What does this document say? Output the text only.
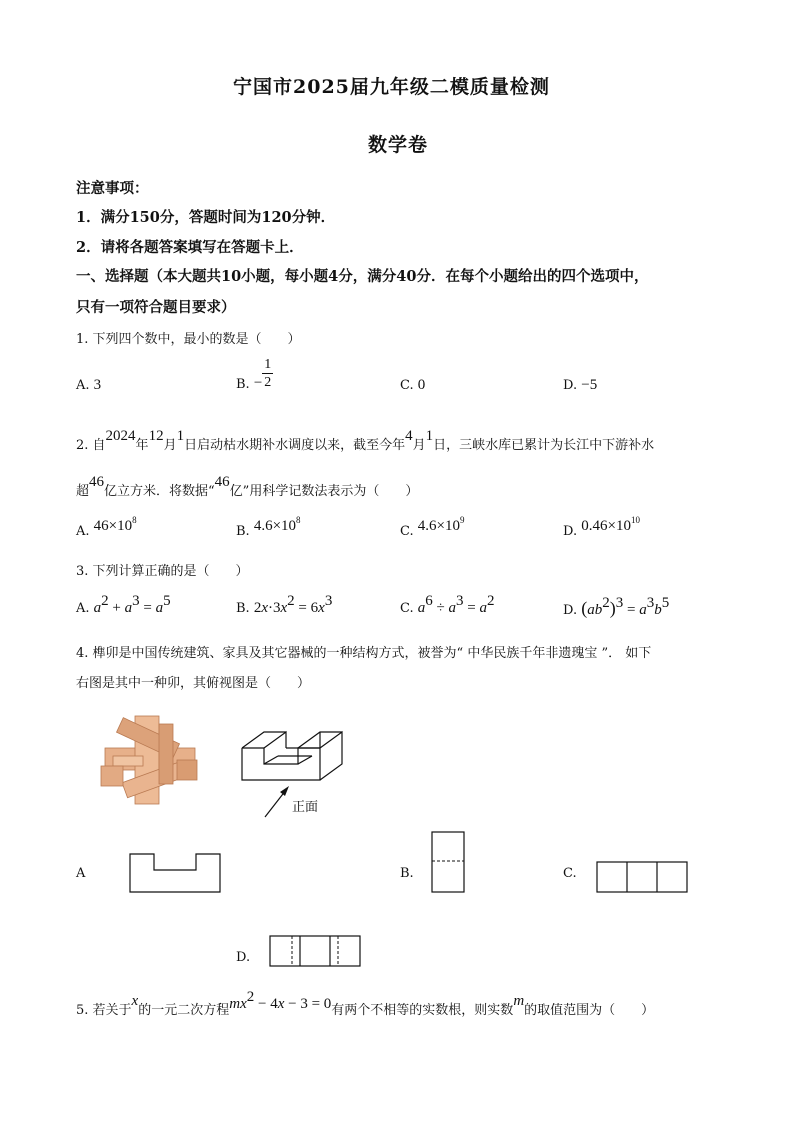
宁国市2025届九年级二模质量检测
数学卷
注意事项：
1．满分150分，答题时间为120分钟．
2．请将各题答案填写在答题卡上．
一、选择题（本大题共10小题，每小题4分，满分40分．在每个小题给出的四个选项中，
只有一项符合题目要求）
1. 下列四个数中，最小的数是（　　）
A. 3	B. − $\frac{1}{2}$	C. 0	D. −5
2. 自2024年12月1日启动枯水期补水调度以来，截至今年4月1日，三峡水库已累计为长江中下游补水
超46亿立方米．将数据“46亿”用科学记数法表示为（　　）
A. $46\times 10^8$
B. $4.6\times 10^8$
C. $4.6\times 10^9$
D. $0.46\times 10^{10}$
3. 下列计算正确的是（　　）
A. $a^2 + a^3 = a^5$	B. $2x\cdot 3x^2 = 6x^3$	C. $a^6 \div a^3 = a^2$
D. $(ab^2)^3 = a^3b^5$
4. 榫卯是中国传统建筑、家具及其它器械的一种结构方式，被誉为“ 中华民族千年非遗瑰宝 ”． 如下
右图是其中一种卯，其俯视图是（　　）
正面
A	B.	C.
D.
5. 若关于x的一元二次方程$mx^2 - 4x - 3 = 0$有两个不相等的实数根，则实数m的取值范围为（　　）
